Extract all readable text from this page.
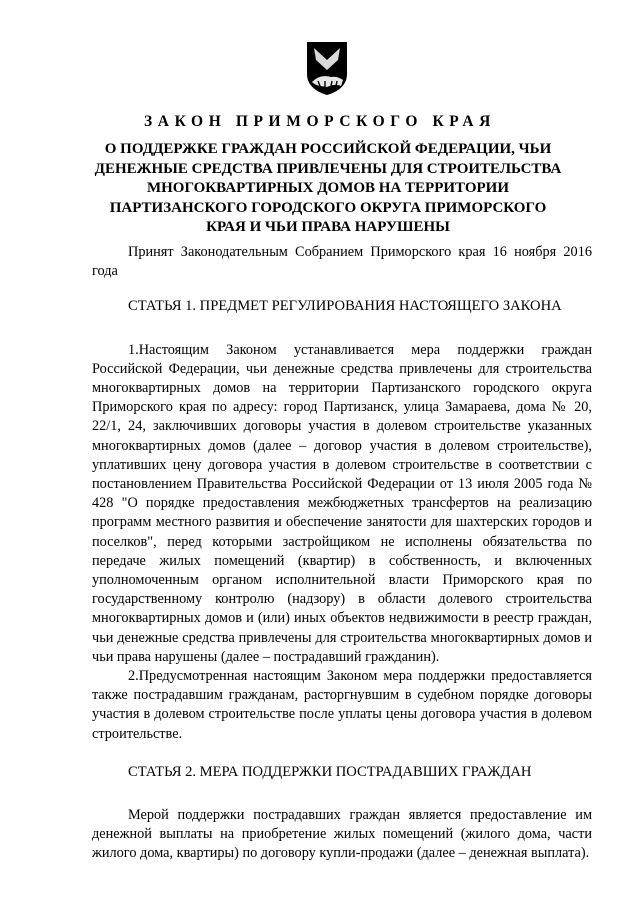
ЗАКОН ПРИМОРСКОГО КРАЯ

О ПОДДЕРЖКЕ ГРАЖДАН РОССИЙСКОЙ ФЕДЕРАЦИИ, ЧЬИ ДЕНЕЖНЫЕ СРЕДСТВА ПРИВЛЕЧЕНЫ ДЛЯ СТРОИТЕЛЬСТВА МНОГОКВАРТИРНЫХ ДОМОВ НА ТЕРРИТОРИИ ПАРТИЗАНСКОГО ГОРОДСКОГО ОКРУГА ПРИМОРСКОГО КРАЯ И ЧЬИ ПРАВА НАРУШЕНЫ

Принят Законодательным Собранием Приморского края 16 ноября 2016 года

СТАТЬЯ 1. ПРЕДМЕТ РЕГУЛИРОВАНИЯ НАСТОЯЩЕГО ЗАКОНА

1.Настоящим Законом устанавливается мера поддержки граждан Российской Федерации, чьи денежные средства привлечены для строительства многоквартирных домов на территории Партизанского городского округа Приморского края по адресу: город Партизанск, улица Замараева, дома № 20, 22/1, 24, заключивших договоры участия в долевом строительстве указанных многоквартирных домов (далее – договор участия в долевом строительстве), уплативших цену договора участия в долевом строительстве в соответствии с постановлением Правительства Российской Федерации от 13 июля 2005 года № 428 "О порядке предоставления межбюджетных трансфертов на реализацию программ местного развития и обеспечение занятости для шахтерских городов и поселков", перед которыми застройщиком не исполнены обязательства по передаче жилых помещений (квартир) в собственность, и включенных уполномоченным органом исполнительной власти Приморского края по государственному контролю (надзору) в области долевого строительства многоквартирных домов и (или) иных объектов недвижимости в реестр граждан, чьи денежные средства привлечены для строительства многоквартирных домов и чьи права нарушены (далее – пострадавший гражданин).

2.Предусмотренная настоящим Законом мера поддержки предоставляется также пострадавшим гражданам, расторгнувшим в судебном порядке договоры участия в долевом строительстве после уплаты цены договора участия в долевом строительстве.

СТАТЬЯ 2. МЕРА ПОДДЕРЖКИ ПОСТРАДАВШИХ ГРАЖДАН

Мерой поддержки пострадавших граждан является предоставление им денежной выплаты на приобретение жилых помещений (жилого дома, части жилого дома, квартиры) по договору купли-продажи (далее – денежная выплата).
